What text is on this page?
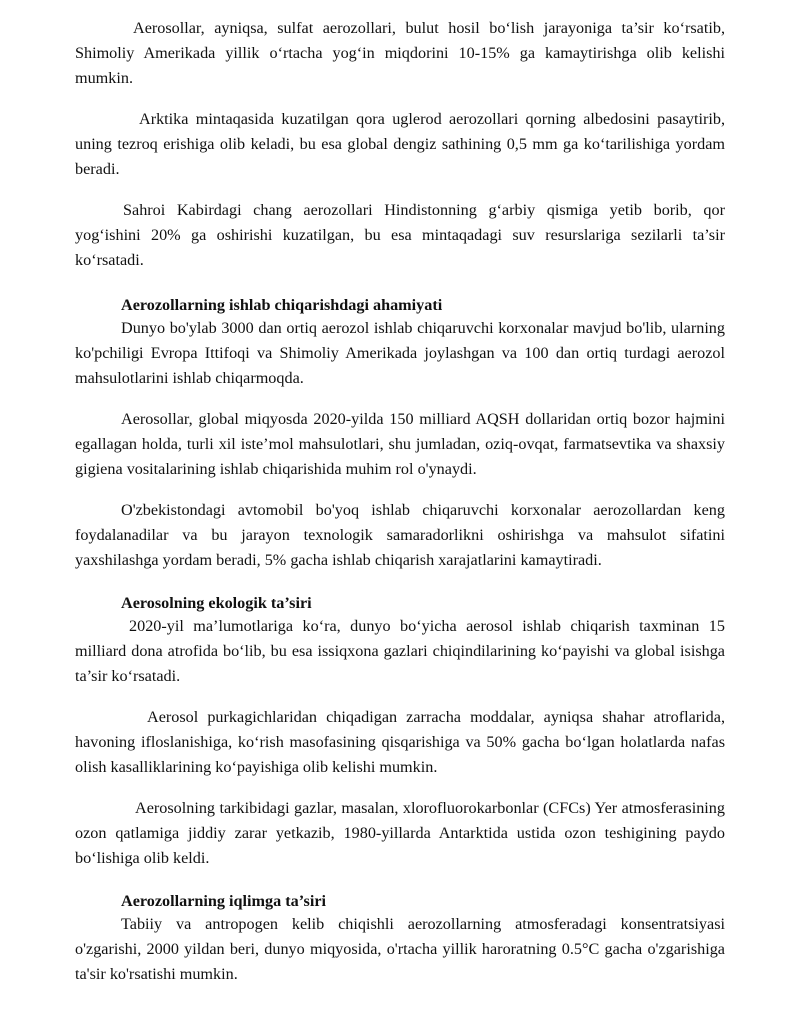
Aerosollar, ayniqsa, sulfat aerozollari, bulut hosil bo‘lish jarayoniga ta’sir ko‘rsatib, Shimoliy Amerikada yillik o‘rtacha yog‘in miqdorini 10-15% ga kamaytirishga olib kelishi mumkin.

Arktika mintaqasida kuzatilgan qora uglerod aerozollari qorning albedosini pasaytirib, uning tezroq erishiga olib keladi, bu esa global dengiz sathining 0,5 mm ga ko‘tarilishiga yordam beradi.

Sahroi Kabirdagi chang aerozollari Hindistonning g‘arbiy qismiga yetib borib, qor yog‘ishini 20% ga oshirishi kuzatilgan, bu esa mintaqadagi suv resurslariga sezilarli ta’sir ko‘rsatadi.

Aerozollarning ishlab chiqarishdagi ahamiyati

Dunyo bo'ylab 3000 dan ortiq aerozol ishlab chiqaruvchi korxonalar mavjud bo'lib, ularning ko'pchiligi Evropa Ittifoqi va Shimoliy Amerikada joylashgan va 100 dan ortiq turdagi aerozol mahsulotlarini ishlab chiqarmoqda.

Aerosollar, global miqyosda 2020-yilda 150 milliard AQSH dollaridan ortiq bozor hajmini egallagan holda, turli xil iste’mol mahsulotlari, shu jumladan, oziq-ovqat, farmatsevtika va shaxsiy gigiena vositalarining ishlab chiqarishida muhim rol o'ynaydi.

O'zbekistondagi avtomobil bo'yoq ishlab chiqaruvchi korxonalar aerozollardan keng foydalanadilar va bu jarayon texnologik samaradorlikni oshirishga va mahsulot sifatini yaxshilashga yordam beradi, 5% gacha ishlab chiqarish xarajatlarini kamaytiradi.

Aerosolning ekologik ta’siri

2020-yil ma’lumotlariga ko‘ra, dunyo bo‘yicha aerosol ishlab chiqarish taxminan 15 milliard dona atrofida bo‘lib, bu esa issiqxona gazlari chiqindilarining ko‘payishi va global isishga ta’sir ko‘rsatadi.

Aerosol purkagichlaridan chiqadigan zarracha moddalar, ayniqsa shahar atroflarida, havoning ifloslanishiga, ko‘rish masofasining qisqarishiga va 50% gacha bo‘lgan holatlarda nafas olish kasalliklarining ko‘payishiga olib kelishi mumkin.

Aerosolning tarkibidagi gazlar, masalan, xlorofluorokarbonlar (CFCs) Yer atmosferasining ozon qatlamiga jiddiy zarar yetkazib, 1980-yillarda Antarktida ustida ozon teshigining paydo bo‘lishiga olib keldi.

Aerozollarning iqlimga ta’siri

Tabiiy va antropogen kelib chiqishli aerozollarning atmosferadagi konsentratsiyasi o'zgarishi, 2000 yildan beri, dunyo miqyosida, o'rtacha yillik haroratning 0.5°C gacha o'zgarishiga ta'sir ko'rsatishi mumkin.
